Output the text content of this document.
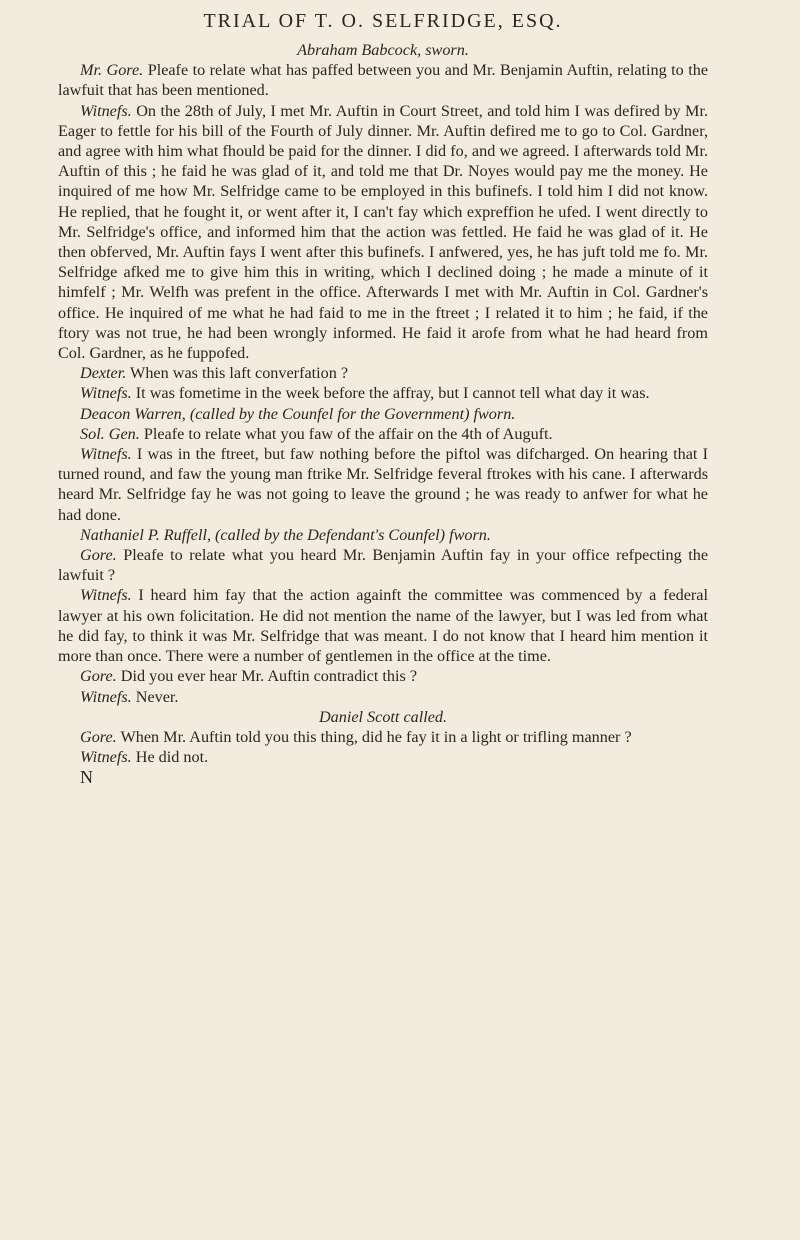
TRIAL OF T. O. SELFRIDGE, ESQ.

Abraham Babcock, sworn.

Mr. Gore. Pleafe to relate what has paffed between you and Mr. Benjamin Auftin, relating to the lawfuit that has been mentioned.

Witnefs. On the 28th of July, I met Mr. Auftin in Court Street, and told him I was defired by Mr. Eager to fettle for his bill of the Fourth of July dinner. Mr. Auftin defired me to go to Col. Gardner, and agree with him what fhould be paid for the dinner. I did fo, and we agreed. I afterwards told Mr. Auftin of this ; he faid he was glad of it, and told me that Dr. Noyes would pay me the money. He inquired of me how Mr. Selfridge came to be employed in this bufinefs. I told him I did not know. He replied, that he fought it, or went after it, I can't fay which expreffion he ufed. I went directly to Mr. Selfridge's office, and informed him that the action was fettled. He faid he was glad of it. He then obferved, Mr. Auftin fays I went after this bufinefs. I anfwered, yes, he has juft told me fo. Mr. Selfridge afked me to give him this in writing, which I declined doing ; he made a minute of it himfelf ; Mr. Welfh was prefent in the office. Afterwards I met with Mr. Auftin in Col. Gardner's office. He inquired of me what he had faid to me in the ftreet ; I related it to him ; he faid, if the ftory was not true, he had been wrongly informed. He faid it arofe from what he had heard from Col. Gardner, as he fuppofed.

Dexter. When was this laft converfation ?

Witnefs. It was fometime in the week before the affray, but I cannot tell what day it was.

Deacon Warren, (called by the Counfel for the Government) fworn.

Sol. Gen. Pleafe to relate what you faw of the affair on the 4th of Auguft.

Witnefs. I was in the ftreet, but faw nothing before the piftol was difcharged. On hearing that I turned round, and faw the young man ftrike Mr. Selfridge feveral ftrokes with his cane. I afterwards heard Mr. Selfridge fay he was not going to leave the ground ; he was ready to anfwer for what he had done.

Nathaniel P. Ruffell, (called by the Defendant's Counfel) fworn.

Gore. Pleafe to relate what you heard Mr. Benjamin Auftin fay in your office refpecting the lawfuit ?

Witnefs. I heard him fay that the action againft the committee was commenced by a federal lawyer at his own folicitation. He did not mention the name of the lawyer, but I was led from what he did fay, to think it was Mr. Selfridge that was meant. I do not know that I heard him mention it more than once. There were a number of gentlemen in the office at the time.

Gore. Did you ever hear Mr. Auftin contradict this ?

Witnefs. Never.

Daniel Scott called.

Gore. When Mr. Auftin told you this thing, did he fay it in a light or trifling manner ?

Witnefs. He did not.

N
